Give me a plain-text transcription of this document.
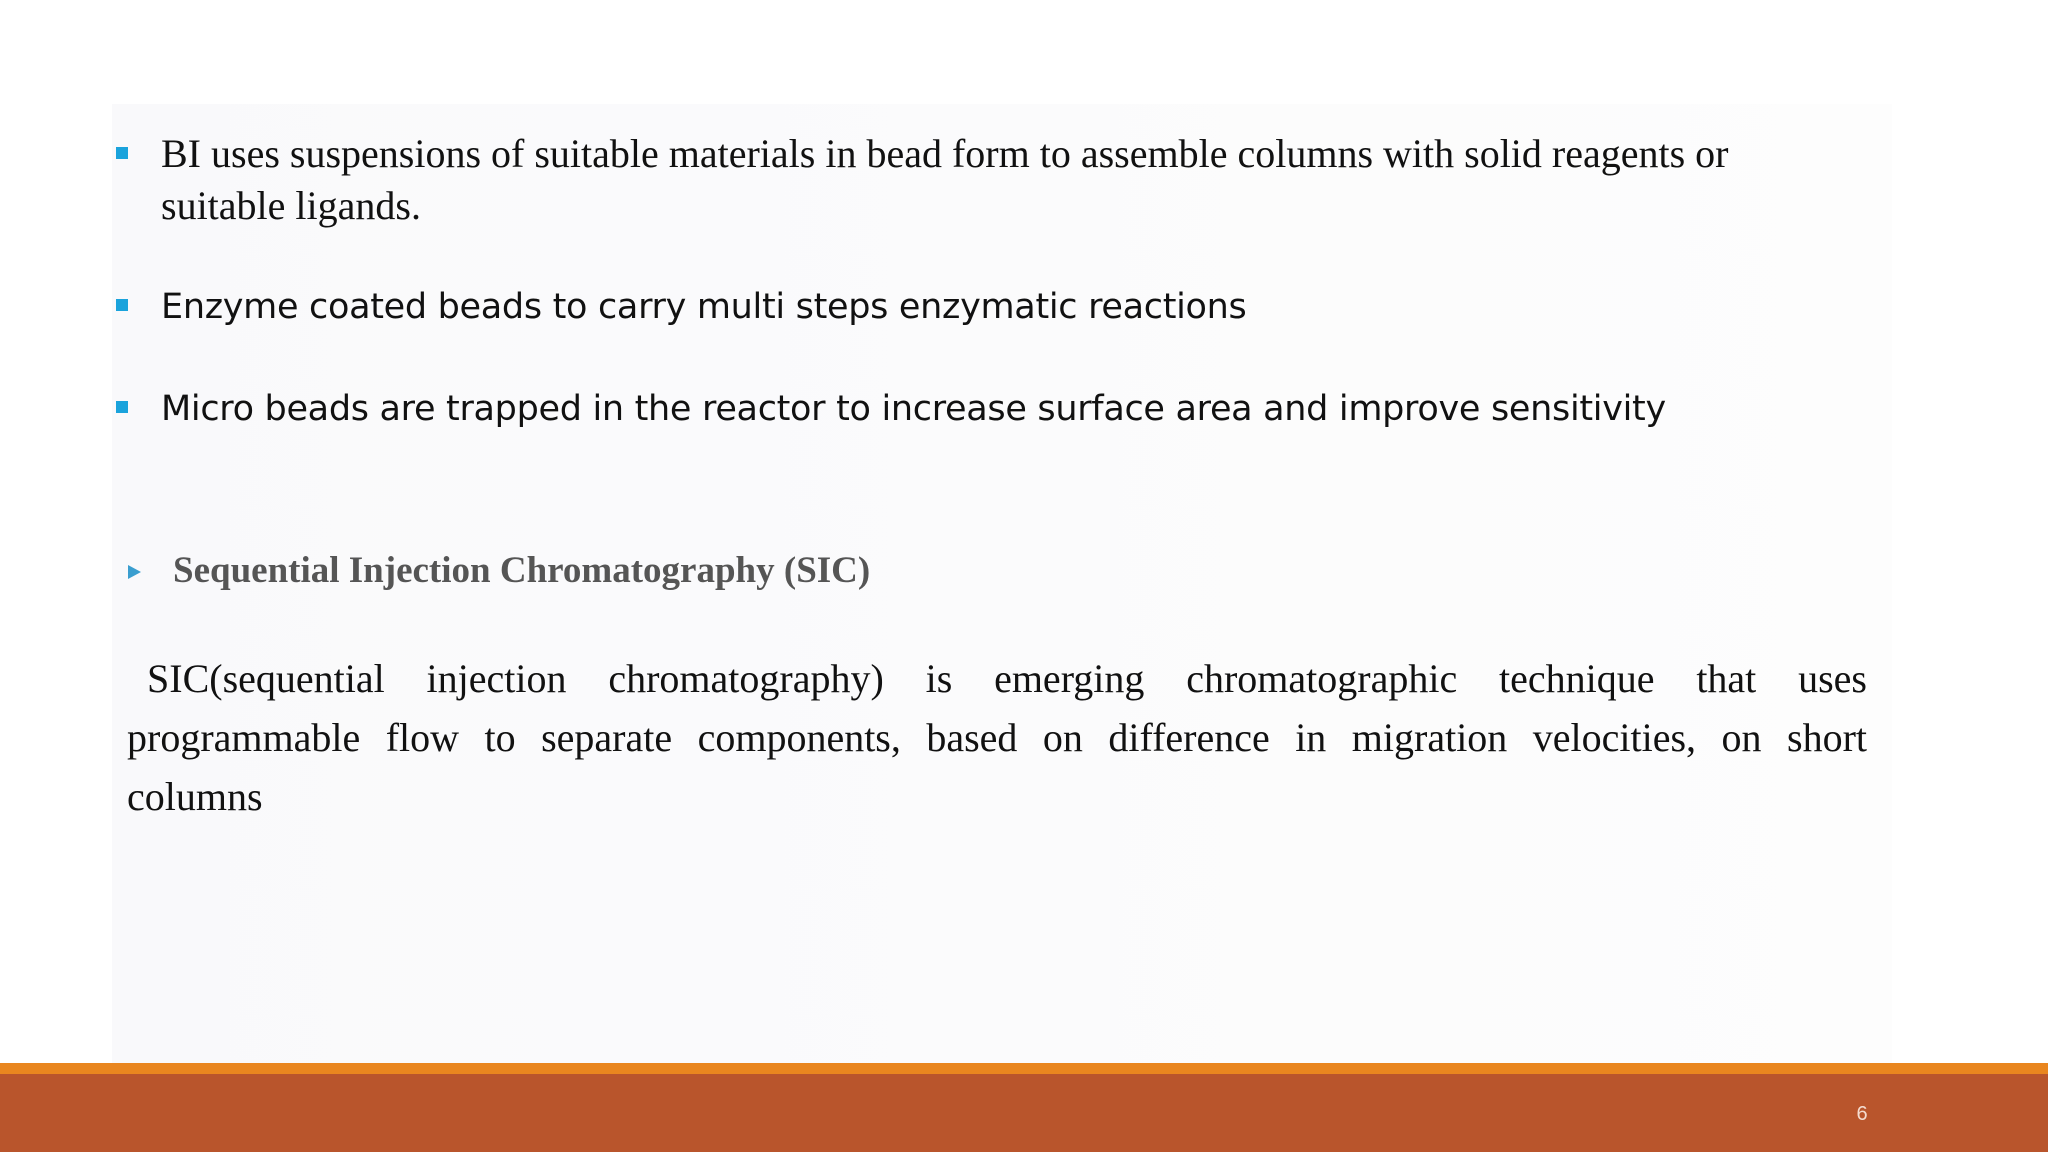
BI uses suspensions of suitable materials in bead form to assemble columns with solid reagents or suitable ligands.
Enzyme coated beads to carry multi steps enzymatic reactions
Micro beads are trapped in the reactor to increase surface area and improve sensitivity
Sequential Injection Chromatography (SIC)

SIC(sequential injection chromatography) is emerging chromatographic technique that uses programmable flow to separate components, based on difference in migration velocities, on short columns

6
